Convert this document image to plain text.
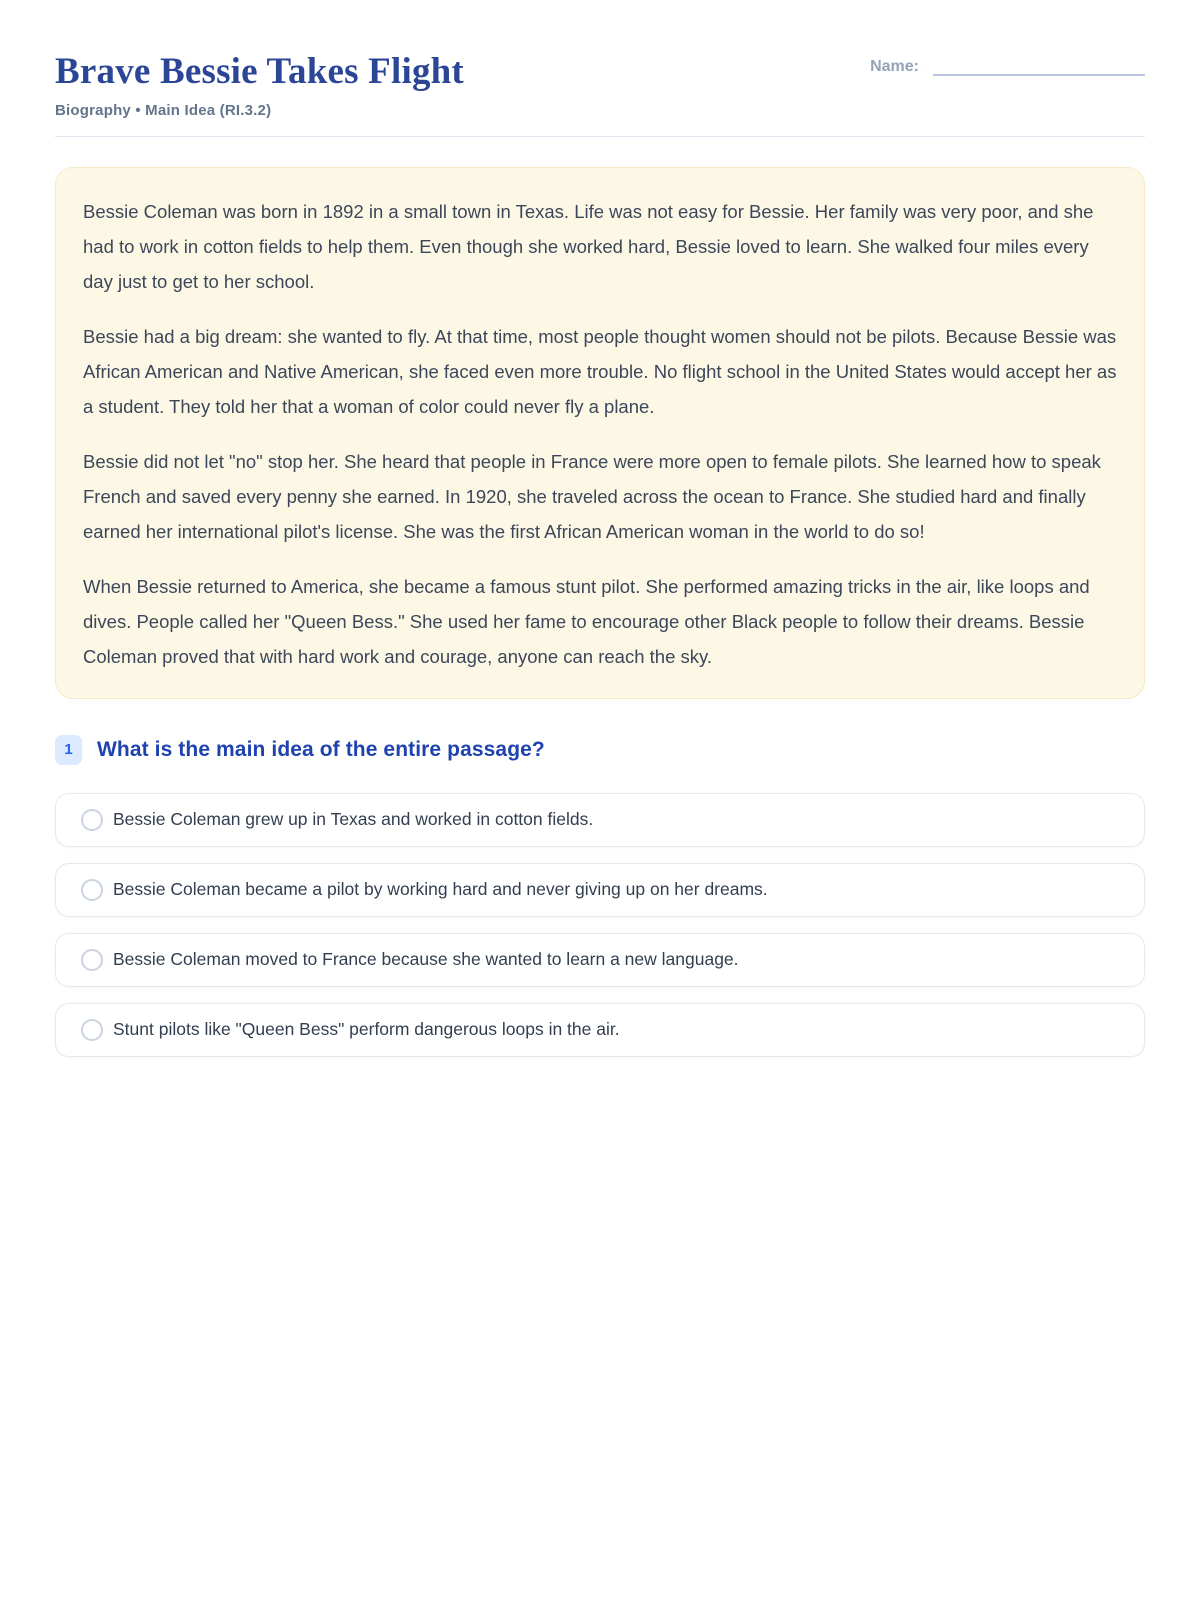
Brave Bessie Takes Flight
Biography • Main Idea (RI.3.2)
Name:

Bessie Coleman was born in 1892 in a small town in Texas. Life was not easy for Bessie. Her family was very poor, and she had to work in cotton fields to help them. Even though she worked hard, Bessie loved to learn. She walked four miles every day just to get to her school.

Bessie had a big dream: she wanted to fly. At that time, most people thought women should not be pilots. Because Bessie was African American and Native American, she faced even more trouble. No flight school in the United States would accept her as a student. They told her that a woman of color could never fly a plane.

Bessie did not let "no" stop her. She heard that people in France were more open to female pilots. She learned how to speak French and saved every penny she earned. In 1920, she traveled across the ocean to France. She studied hard and finally earned her international pilot's license. She was the first African American woman in the world to do so!

When Bessie returned to America, she became a famous stunt pilot. She performed amazing tricks in the air, like loops and dives. People called her "Queen Bess." She used her fame to encourage other Black people to follow their dreams. Bessie Coleman proved that with hard work and courage, anyone can reach the sky.

1	What is the main idea of the entire passage?
Bessie Coleman grew up in Texas and worked in cotton fields.
Bessie Coleman became a pilot by working hard and never giving up on her dreams.
Bessie Coleman moved to France because she wanted to learn a new language.
Stunt pilots like "Queen Bess" perform dangerous loops in the air.
